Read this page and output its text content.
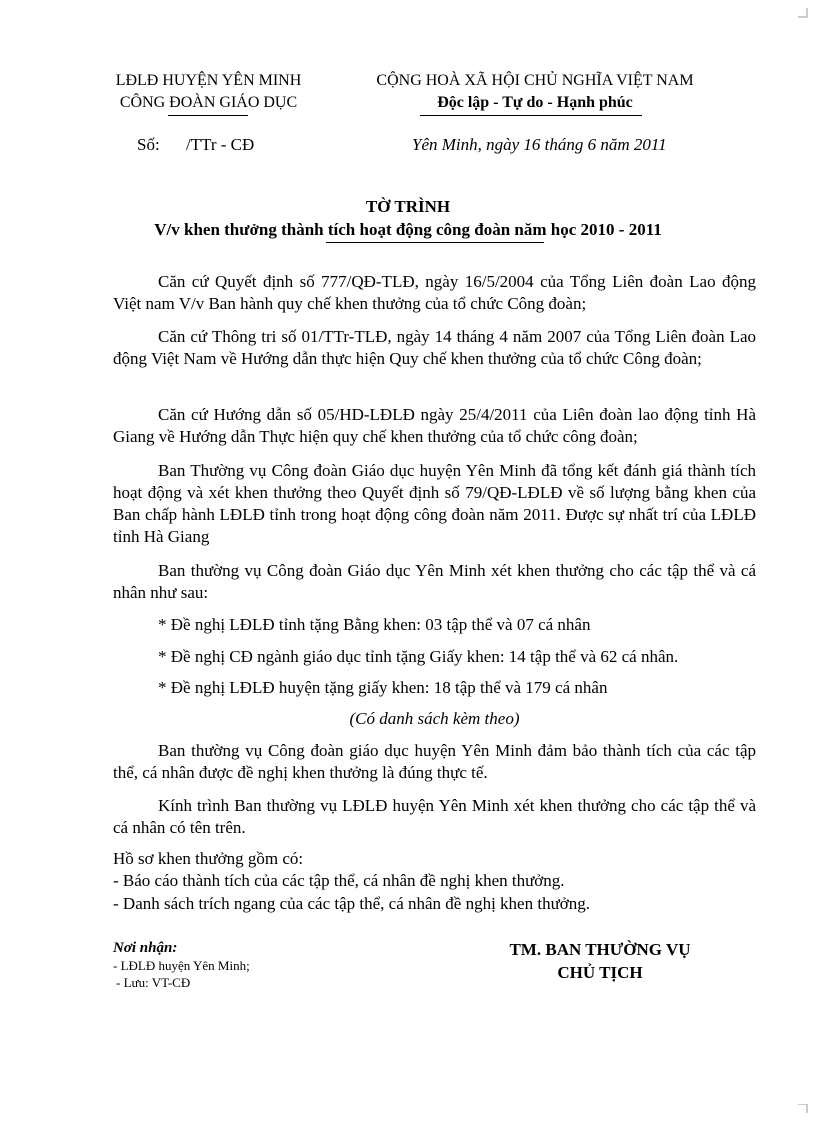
LĐLĐ HUYỆN YÊN MINH
CÔNG ĐOÀN GIÁO DỤC
CỘNG HOÀ XÃ HỘI CHỦ NGHĨA VIỆT NAM
Độc lập - Tự do - Hạnh phúc
Số: /TTr - CĐ	Yên Minh, ngày 16 tháng 6 năm 2011
TỜ TRÌNH
V/v khen thưởng thành tích hoạt động công đoàn năm học 2010 - 2011
Căn cứ Quyết định số 777/QĐ-TLĐ, ngày 16/5/2004 của Tổng Liên đoàn Lao động Việt nam V/v Ban hành quy chế khen thưởng của tổ chức Công đoàn;
Căn cứ Thông tri số 01/TTr-TLĐ, ngày 14 tháng 4 năm 2007 của Tổng Liên đoàn Lao động Việt Nam về Hướng dẫn thực hiện Quy chế khen thưởng của tổ chức Công đoàn;
Căn cứ Hướng dẫn số 05/HD-LĐLĐ ngày 25/4/2011 của Liên đoàn lao động tỉnh Hà Giang về Hướng dẫn Thực hiện quy chế khen thưởng của tổ chức công đoàn;
Ban Thường vụ Công đoàn Giáo dục huyện Yên Minh đã tổng kết đánh giá thành tích hoạt động và xét khen thưởng theo Quyết định số 79/QĐ-LĐLĐ về số lượng bằng khen của Ban chấp hành LĐLĐ tỉnh trong hoạt động công đoàn năm 2011. Được sự nhất trí của LĐLĐ tỉnh Hà Giang
Ban thường vụ Công đoàn Giáo dục Yên Minh xét khen thưởng cho các tập thể và cá nhân như sau:
* Đề nghị LĐLĐ tỉnh tặng Bằng khen: 03 tập thể và 07 cá nhân
* Đề nghị CĐ ngành giáo dục tỉnh tặng Giấy khen: 14 tập thể và 62 cá nhân.
* Đề nghị LĐLĐ huyện tặng giấy khen: 18 tập thể và 179 cá nhân
(Có danh sách kèm theo)
Ban thường vụ Công đoàn giáo dục huyện Yên Minh đảm bảo thành tích của các tập thể, cá nhân được đề nghị khen thưởng là đúng thực tế.
Kính trình Ban thường vụ LĐLĐ huyện Yên Minh xét khen thưởng cho các tập thể và cá nhân có tên trên.
Hồ sơ khen thưởng gồm có:
- Báo cáo thành tích của các tập thể, cá nhân đề nghị khen thưởng.
- Danh sách trích ngang của các tập thể, cá nhân đề nghị khen thưởng.
Nơi nhận:
- LĐLĐ huyện Yên Minh;
- Lưu: VT-CĐ
TM. BAN THƯỜNG VỤ
CHỦ TỊCH
